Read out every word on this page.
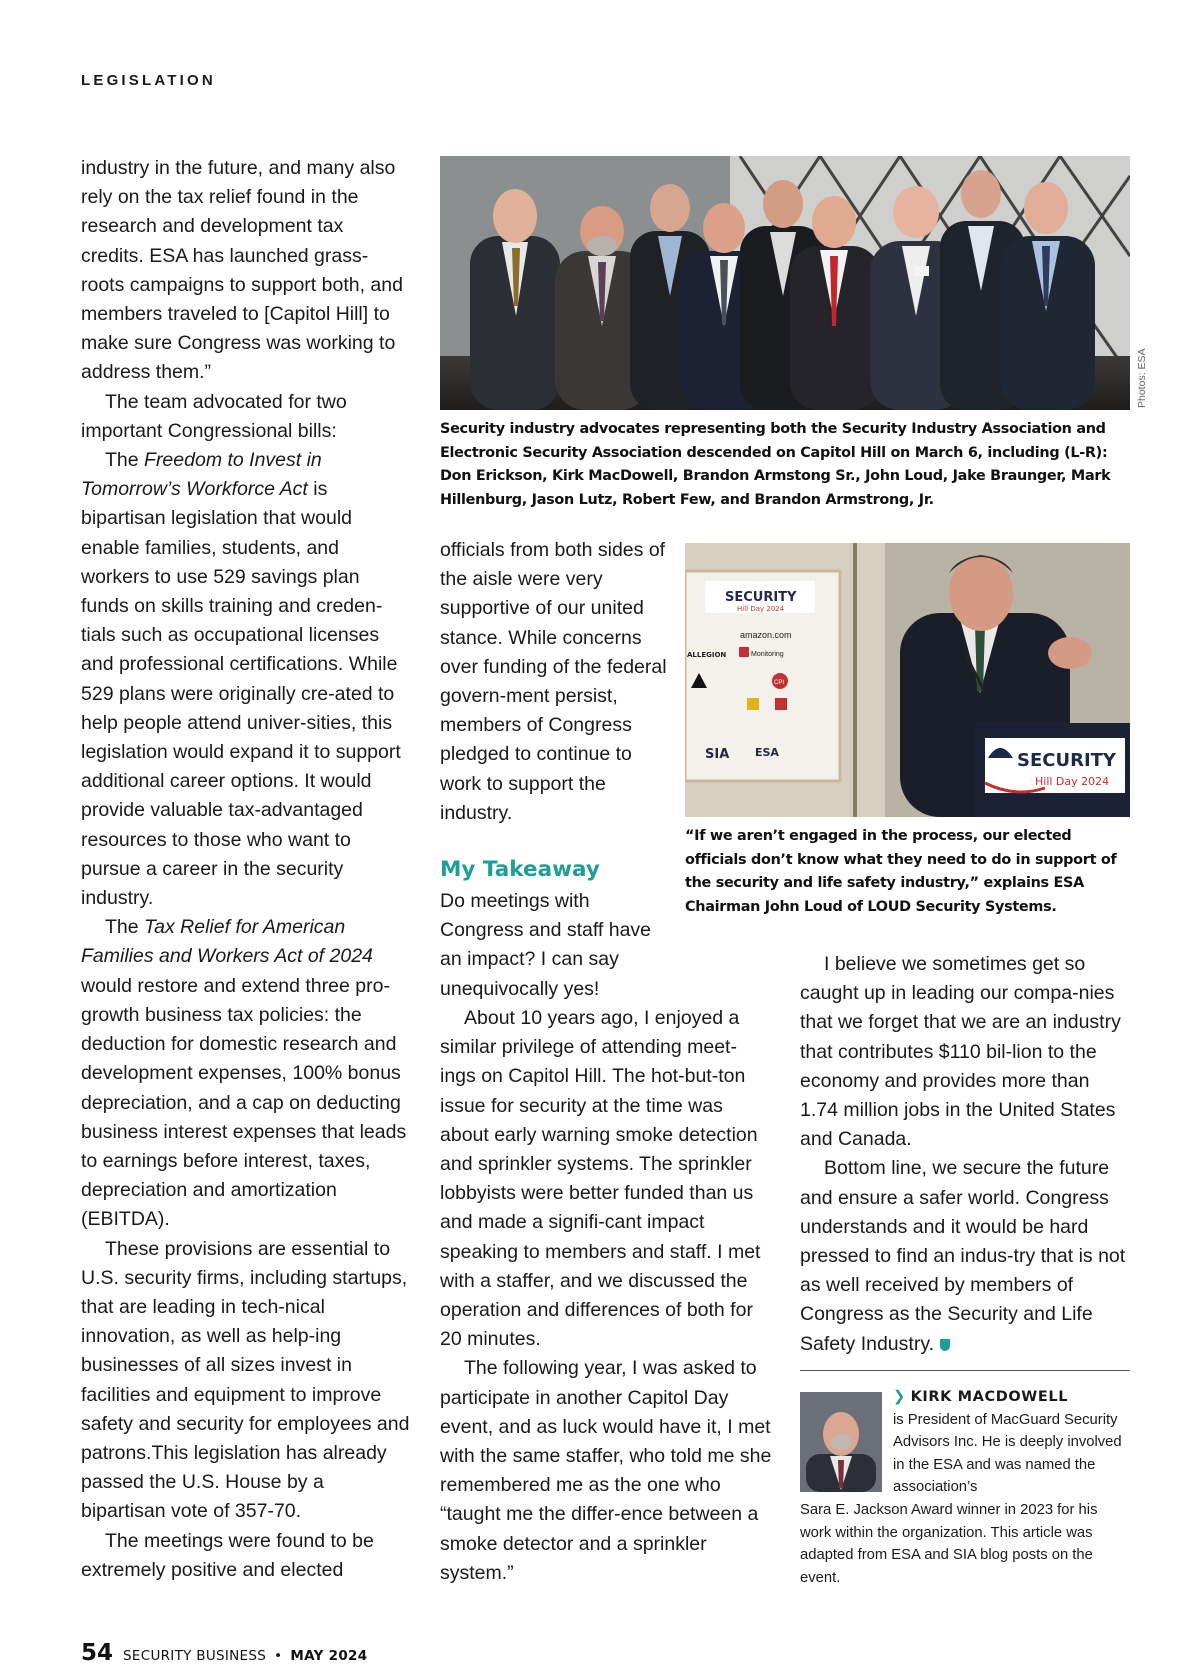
LEGISLATION

industry in the future, and many also rely on the tax relief found in the research and development tax credits. ESA has launched grass-roots campaigns to support both, and members traveled to [Capitol Hill] to make sure Congress was working to address them.”

The team advocated for two important Congressional bills:

The Freedom to Invest in Tomorrow’s Workforce Act is bipartisan legislation that would enable families, students, and workers to use 529 savings plan funds on skills training and creden-tials such as occupational licenses and professional certifications. While 529 plans were originally cre-ated to help people attend univer-sities, this legislation would expand it to support additional career options. It would provide valuable tax-advantaged resources to those who want to pursue a career in the security industry.

The Tax Relief for American Families and Workers Act of 2024 would restore and extend three pro-growth business tax policies: the deduction for domestic research and development expenses, 100% bonus depreciation, and a cap on deducting business interest expenses that leads to earnings before interest, taxes, depreciation and amortization (EBITDA).

These provisions are essential to U.S. security firms, including startups, that are leading in tech-nical innovation, as well as help-ing businesses of all sizes invest in facilities and equipment to improve safety and security for employees and patrons.This legislation has already passed the U.S. House by a bipartisan vote of 357-70.

The meetings were found to be extremely positive and elected

Photos: ESA
Security industry advocates representing both the Security Industry Association and Electronic Security Association descended on Capitol Hill on March 6, including (L-R): Don Erickson, Kirk MacDowell, Brandon Armstong Sr., John Loud, Jake Braunger, Mark Hillenburg, Jason Lutz, Robert Few, and Brandon Armstrong, Jr.

officials from both sides of the aisle were very supportive of our united stance. While concerns over funding of the federal govern-ment persist, members of Congress pledged to continue to work to support the industry.

My Takeaway

Do meetings with Congress and staff have an impact? I can say unequivocally yes!

About 10 years ago, I enjoyed a similar privilege of attending meet-ings on Capitol Hill. The hot-but-ton issue for security at the time was about early warning smoke detection and sprinkler systems. The sprinkler lobbyists were better funded than us and made a signifi-cant impact speaking to members and staff. I met with a staffer, and we discussed the operation and differences of both for 20 minutes.

The following year, I was asked to participate in another Capitol Day event, and as luck would have it, I met with the same staffer, who told me she remembered me as the one who “taught me the differ-ence between a smoke detector and a sprinkler system.”

SECURITY
Hill Day 2024
amazon.com
ALLEGION	Monitoring
CPI
SIA ESA	SECURITY
Hill Day 2024
“If we aren’t engaged in the process, our elected officials don’t know what they need to do in support of the security and life safety industry,” explains ESA Chairman John Loud of LOUD Security Systems.

I believe we sometimes get so caught up in leading our compa-nies that we forget that we are an industry that contributes $110 bil-lion to the economy and provides more than 1.74 million jobs in the United States and Canada.

Bottom line, we secure the future and ensure a safer world. Congress understands and it would be hard pressed to find an indus-try that is not as well received by members of Congress as the Security and Life Safety Industry.

❯ KIRK MACDOWELL
is President of MacGuard Security Advisors Inc. He is deeply involved in the ESA and was named the association’s
Sara E. Jackson Award winner in 2023 for his work within the organization. This article was adapted from ESA and SIA blog posts on the event.
54 SECURITY BUSINESS • MAY 2024
